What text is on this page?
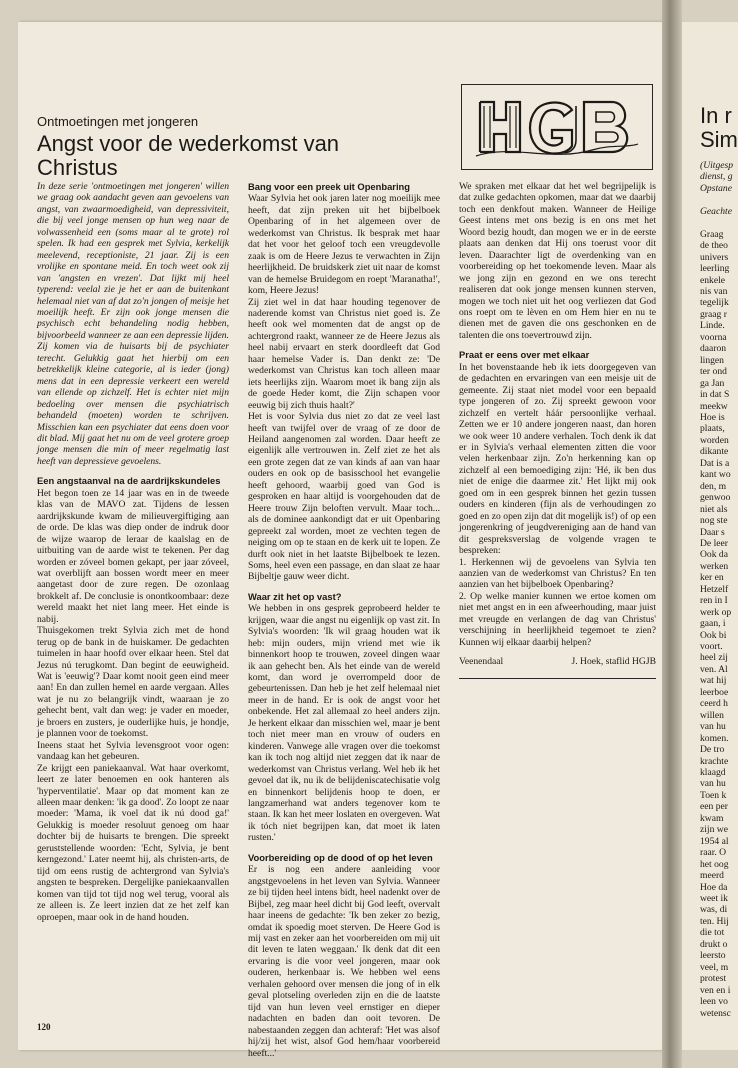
Ontmoetingen met jongeren
Angst voor de wederkomst van Christus

In deze serie 'ontmoetingen met jongeren' willen we graag ook aandacht geven aan gevoelens van angst, van zwaarmoedigheid, van depressiviteit, die bij veel jonge mensen op hun weg naar de volwassenheid een (soms maar al te grote) rol spelen. Ik had een gesprek met Sylvia, kerkelijk meelevend, receptioniste, 21 jaar. Zij is een vrolijke en spontane meid. En toch weet ook zij van 'angsten en vrezen'. Dat lijkt mij heel typerend: veelal zie je het er aan de buitenkant helemaal niet van af dat zo'n jongen of meisje het moeilijk heeft. Er zijn ook jonge mensen die psychisch echt behandeling nodig hebben, bijvoorbeeld wanneer ze aan een depressie lijden. Zij komen via de huisarts bij de psychiater terecht. Gelukkig gaat het hierbij om een betrekkelijk kleine categorie, al is ieder (jong) mens dat in een depressie verkeert een wereld van ellende op zichzelf. Het is echter niet mijn bedoeling over mensen die psychiatrisch behandeld (moeten) worden te schrijven. Misschien kan een psychiater dat eens doen voor dit blad. Mij gaat het nu om de veel grotere groep jonge mensen die min of meer regelmatig last heeft van depressieve gevoelens.

Een angstaanval na de aardrijkskundeles

Het begon toen ze 14 jaar was en in de tweede klas van de MAVO zat. Tijdens de lessen aardrijkskunde kwam de milieuvergiftiging aan de orde. De klas was diep onder de indruk door de wijze waarop de leraar de kaalslag en de uitbuiting van de aarde wist te tekenen. Per dag worden er zóveel bomen gekapt, per jaar zóveel, wat overblijft aan bossen wordt meer en meer aangetast door de zure regen. De ozonlaag brokkelt af. De conclusie is onontkoombaar: deze wereld maakt het niet lang meer. Het einde is nabij.

Thuisgekomen trekt Sylvia zich met de hond terug op de bank in de huiskamer. De gedachten tuimelen in haar hoofd over elkaar heen. Stel dat Jezus nú terugkomt. Dan begint de eeuwigheid. Wat is 'eeuwig'? Daar komt nooit geen eind meer aan! En dan zullen hemel en aarde vergaan. Alles wat je nu zo belangrijk vindt, waaraan je zo gehecht bent, valt dan weg: je vader en moeder, je broers en zusters, je ouderlijke huis, je hondje, je plannen voor de toekomst.

Ineens staat het Sylvia levensgroot voor ogen: vandaag kan het gebeuren.

Ze krijgt een paniekaanval. Wat haar overkomt, leert ze later benoemen en ook hanteren als 'hyperventilatie'. Maar op dat moment kan ze alleen maar denken: 'ik ga dood'. Zo loopt ze naar moeder: 'Mama, ik voel dat ik nú dood ga!' Gelukkig is moeder resoluut genoeg om haar dochter bij de huisarts te brengen. Die spreekt geruststellende woorden: 'Echt, Sylvia, je bent kerngezond.' Later neemt hij, als christen-arts, de tijd om eens rustig de achtergrond van Sylvia's angsten te bespreken. Dergelijke paniekaanvallen komen van tijd tot tijd nog wel terug, vooral als ze alleen is. Ze leert inzien dat ze het zelf kan oproepen, maar ook in de hand houden.

Bang voor een preek uit Openbaring

Waar Sylvia het ook jaren later nog moeilijk mee heeft, dat zijn preken uit het bijbelboek Openbaring of in het algemeen over de wederkomst van Christus. Ik besprak met haar dat het voor het geloof toch een vreugdevolle zaak is om de Heere Jezus te verwachten in Zijn heerlijkheid. De bruidskerk ziet uit naar de komst van de hemelse Bruidegom en roept 'Maranatha!', kom, Heere Jezus!

Zij ziet wel in dat haar houding tegenover de naderende komst van Christus niet goed is. Ze heeft ook wel momenten dat de angst op de achtergrond raakt, wanneer ze de Heere Jezus als heel nabij ervaart en sterk doordleeft dat God haar hemelse Vader is. Dan denkt ze: 'De wederkomst van Christus kan toch alleen maar iets heerlijks zijn. Waarom moet ik bang zijn als de goede Heder komt, die Zijn schapen voor eeuwig bij zich thuis haalt?'

Het is voor Sylvia dus niet zo dat ze veel last heeft van twijfel over de vraag of ze door de Heiland aangenomen zal worden. Daar heeft ze eigenlijk alle vertrouwen in. Zelf ziet ze het als een grote zegen dat ze van kinds af aan van haar ouders en ook op de basisschool het evangelie heeft gehoord, waarbij goed van God is gesproken en haar altijd is voorgehouden dat de Heere trouw Zijn beloften vervult. Maar toch... als de dominee aankondigt dat er uit Openbaring gepreekt zal worden, moet ze vechten tegen de neiging om op te staan en de kerk uit te lopen. Ze durft ook niet in het laatste Bijbelboek te lezen. Soms, heel even een passage, en dan slaat ze haar Bijbeltje gauw weer dicht.

Waar zit het op vast?

We hebben in ons gesprek geprobeerd helder te krijgen, waar die angst nu eigenlijk op vast zit. In Sylvia's woorden: 'Ik wil graag houden wat ik heb: mijn ouders, mijn vriend met wie ik binnenkort hoop te trouwen, zoveel dingen waar ik aan gehecht ben. Als het einde van de wereld komt, dan word je overrompeld door de gebeurtenissen. Dan heb je het zelf helemaal niet meer in de hand. Er is ook de angst voor het onbekende. Het zal allemaal zo heel anders zijn. Je herkent elkaar dan misschien wel, maar je bent toch niet meer man en vrouw of ouders en kinderen. Vanwege alle vragen over die toekomst kan ik toch nog altijd niet zeggen dat ik naar de wederkomst van Christus verlang. Wel heb ik het gevoel dat ik, nu ik de belijdeniscatechisatie volg en binnenkort belijdenis hoop te doen, er langzamerhand wat anders tegenover kom te staan. Ik kan het meer loslaten en overgeven. Wat ik tóch niet begrijpen kan, dat moet ik laten rusten.'

Voorbereiding op de dood of op het leven

Er is nog een andere aanleiding voor angstgevoelens in het leven van Sylvia. Wanneer ze bij tijden heel intens bidt, heel nadenkt over de Bijbel, zeg maar heel dicht bij God leeft, overvalt haar ineens de gedachte: 'Ik ben zeker zo bezig, omdat ik spoedig moet sterven. De Heere God is mij vast en zeker aan het voorbereiden om mij uit dit leven te laten weggaan.' Ik denk dat dit een ervaring is die voor veel jongeren, maar ook ouderen, herkenbaar is. We hebben wel eens verhalen gehoord over mensen die jong of in elk geval plotseling overleden zijn en die de laatste tijd van hun leven veel ernstiger en dieper nadachten en baden dan ooit tevoren. De nabestaanden zeggen dan achteraf: 'Het was alsof hij/zij het wist, alsof God hem/haar voorbereid heeft...'

We spraken met elkaar dat het wel begrijpelijk is dat zulke gedachten opkomen, maar dat we daarbij toch een denkfout maken. Wanneer de Heilige Geest intens met ons bezig is en ons met het Woord bezig houdt, dan mogen we er in de eerste plaats aan denken dat Hij ons toerust voor dit leven. Daarachter ligt de overdenking van en voorbereiding op het toekomende leven. Maar als we jong zijn en gezond en we ons terecht realiseren dat ook jonge mensen kunnen sterven, mogen we toch niet uit het oog verliezen dat God ons roept om te lèven en om Hem hier en nu te dienen met de gaven die ons geschonken en de talenten die ons toevertrouwd zijn.

Praat er eens over met elkaar

In het bovenstaande heb ik iets doorgegeven van de gedachten en ervaringen van een meisje uit de gemeente. Zij staat niet model voor een bepaald type jongeren of zo. Zij spreekt gewoon voor zichzelf en vertelt háár persoonlijke verhaal. Zetten we er 10 andere jongeren naast, dan horen we ook weer 10 andere verhalen. Toch denk ik dat er in Sylvia's verhaal elementen zitten die voor velen herkenbaar zijn. Zo'n herkenning kan op zichzelf al een bemoediging zijn: 'Hé, ik ben dus niet de enige die daarmee zit.' Het lijkt mij ook goed om in een gesprek binnen het gezin tussen ouders en kinderen (fijn als de verhoudingen zo goed en zo open zijn dat dit mogelijk is!) of op een jongerenkring of jeugdvereniging aan de hand van dit gespreksverslag de volgende vragen te bespreken:

1. Herkennen wij de gevoelens van Sylvia ten aanzien van de wederkomst van Christus? En ten aanzien van het bijbelboek Openbaring?

2. Op welke manier kunnen we ertoe komen om niet met angst en in een afweerhouding, maar juist met vreugde en verlangen de dag van Christus' verschijning in heerlijkheid tegemoet te zien? Kunnen wij elkaar daarbij helpen?

Veenendaal	J. Hoek, staflid HGJB
120
In r
Sim
(Uitgesp
dienst, g
Opstane

Geachte

Graag
de theo
univers
leerling
enkele
nis van
tegelijk
graag r
Linde.
voorna
daaron
lingen
ter ond
ga Jan
in dat S
meekw
Hoe is
plaats,
worden
dikante
Dat is a
kant wo
den, m
genwoo
niet als
nog ste
Daar s
De leer
Ook da
werken
ker en
Hetzelf
ren in I
werk op
gaan, i
Ook bi
voort.
heel zij
ven. Al
wat hij
leerboe
ceerd h
willen
van hu
komen.
De tro
krachte
klaagd
van hu
Toen k
een per
kwam
zijn we
1954 al
raar. O
het oog
meerd
Hoe da
weet ik
was, di
ten. Hij
die tot
drukt o
leersto
veel, m
protest
ven en i
leen vo
wetensc
